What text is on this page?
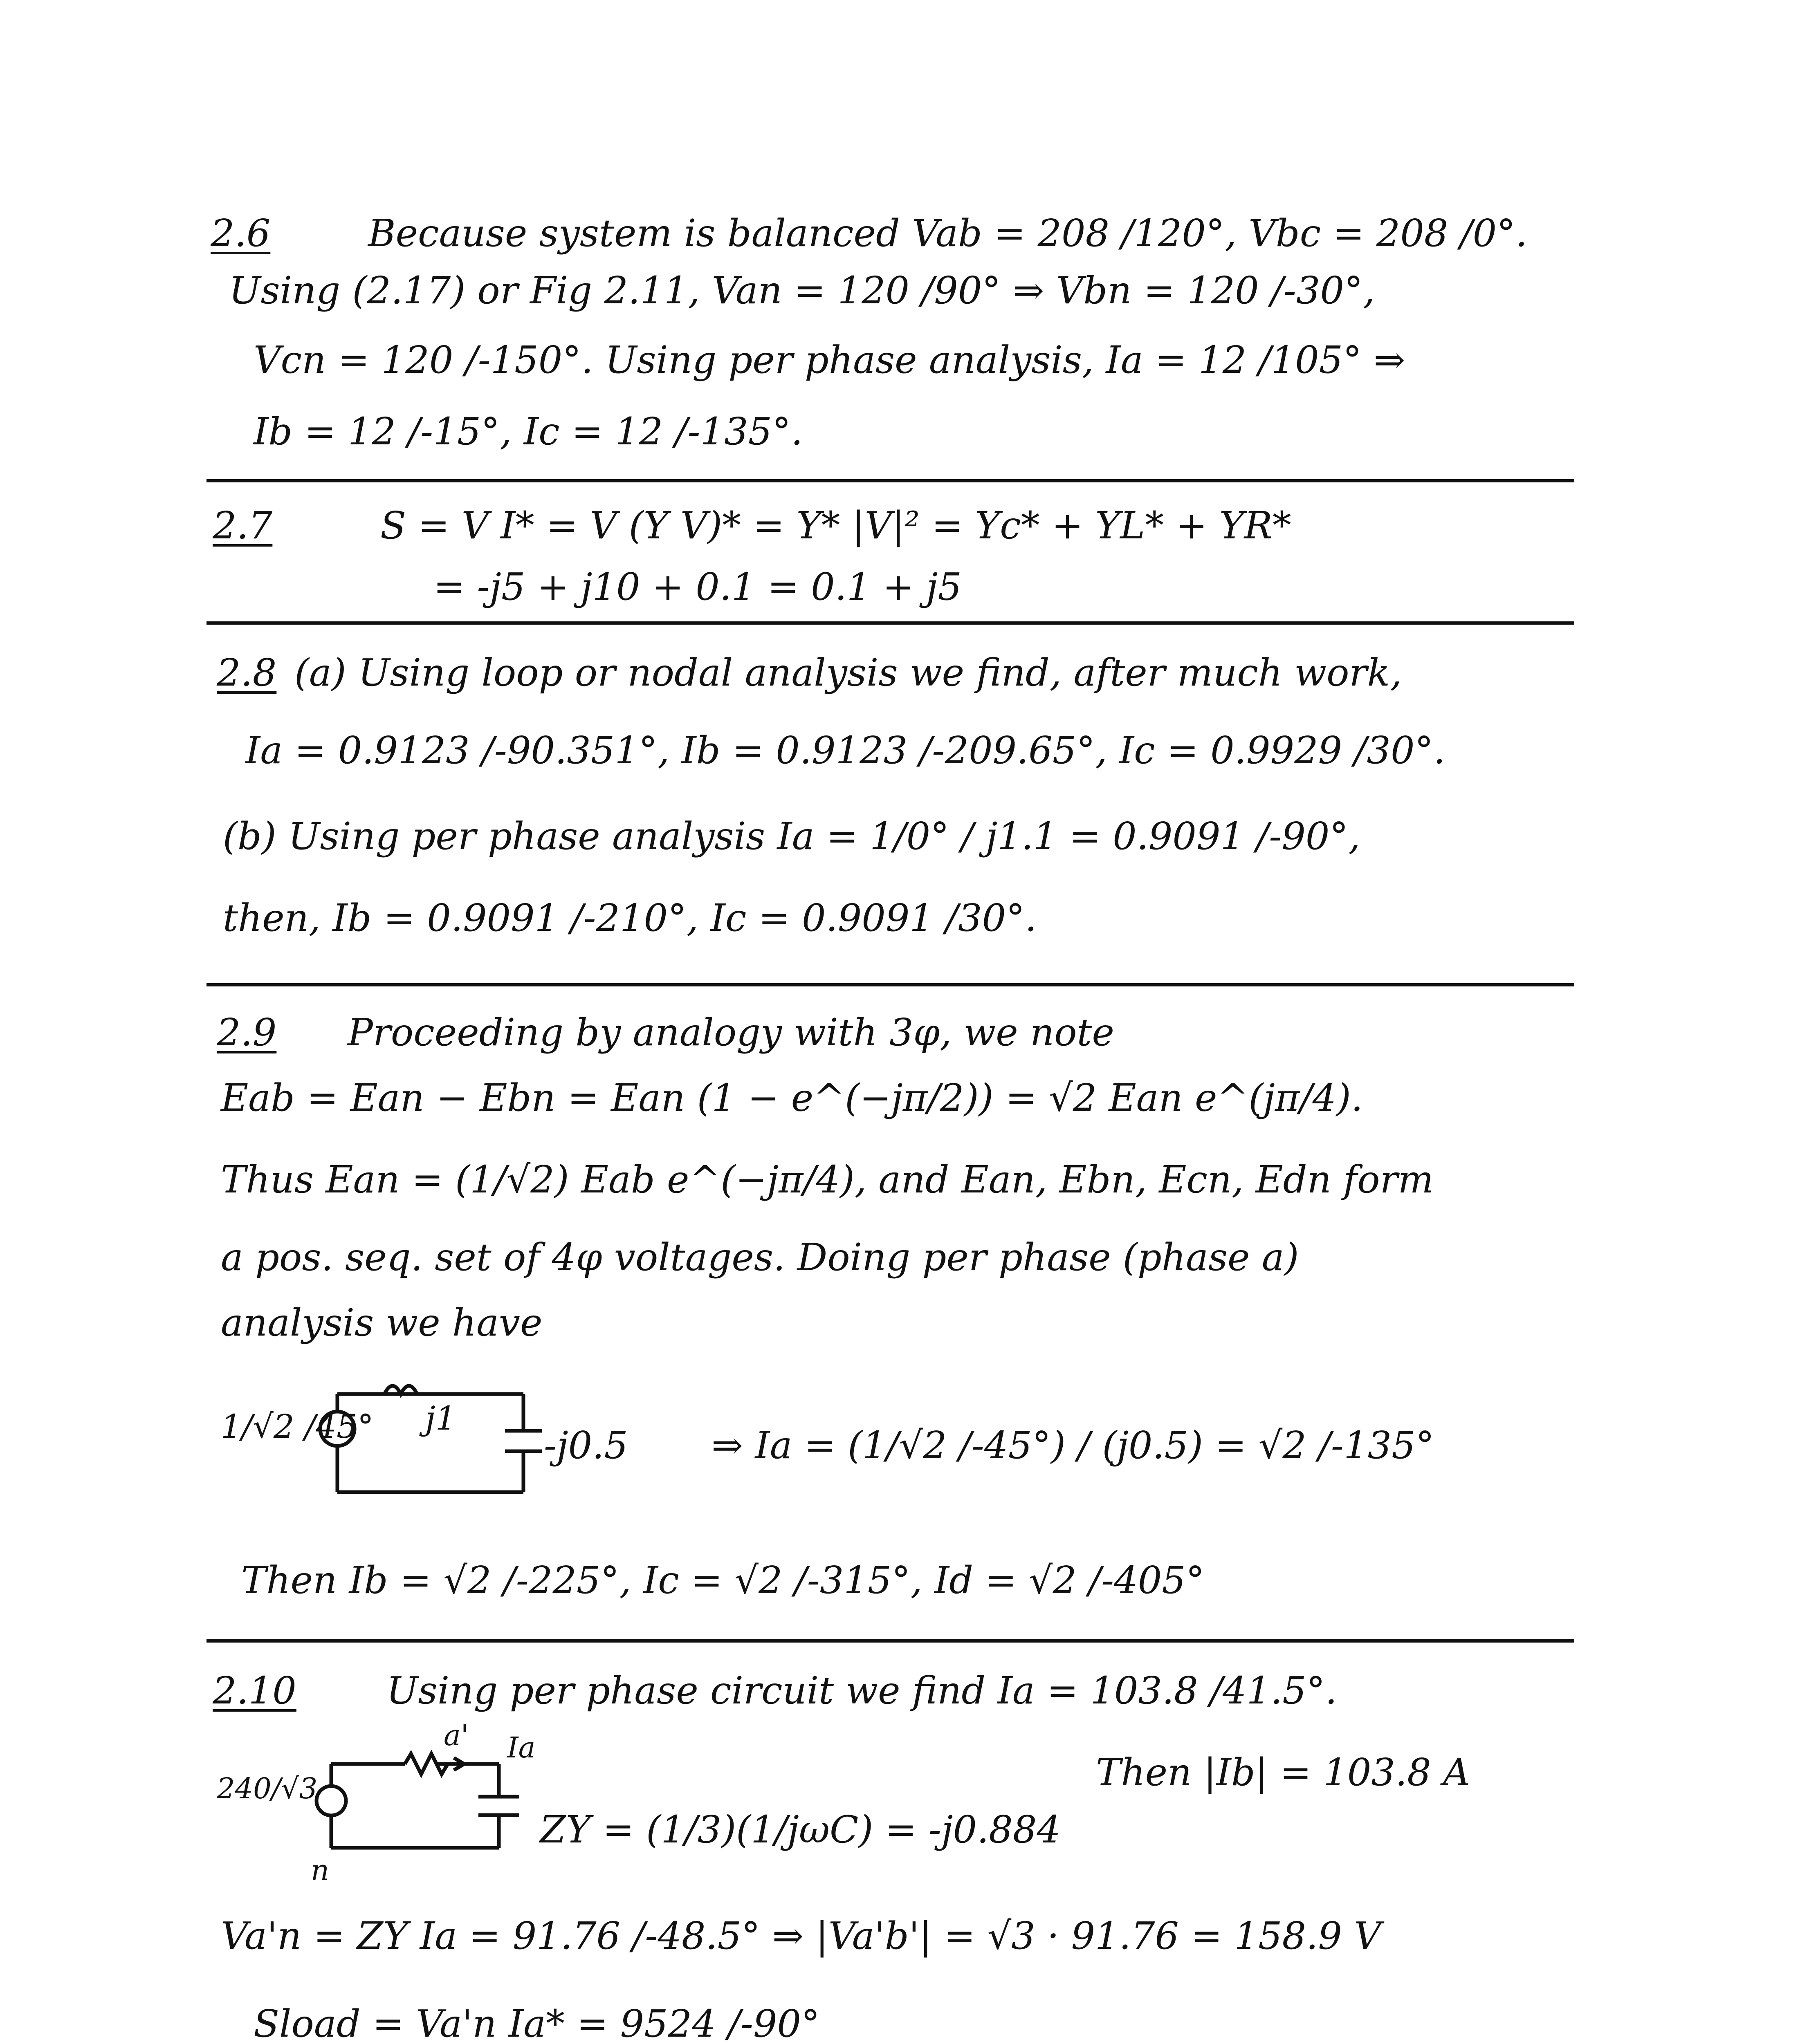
2.6	Because system is balanced Vab = 208 /120°, Vbc = 208 /0°.
Using (2.17) or Fig 2.11, Van = 120 /90° ⇒ Vbn = 120 /-30°,
Vcn = 120 /-150°. Using per phase analysis, Ia = 12 /105° ⇒
Ib = 12 /-15°, Ic = 12 /-135°.
2.7	S = V I* = V (Y V)* = Y* |V|² = Yc* + YL* + YR*
= -j5 + j10 + 0.1 = 0.1 + j5
2.8 (a) Using loop or nodal analysis we find, after much work,
Ia = 0.9123 /-90.351°, Ib = 0.9123 /-209.65°, Ic = 0.9929 /30°.
(b) Using per phase analysis Ia = 1/0° / j1.1 = 0.9091 /-90°,
then, Ib = 0.9091 /-210°, Ic = 0.9091 /30°.
2.9 Proceeding by analogy with 3φ, we note
Eab = Ean − Ebn = Ean (1 − e^(−jπ/2)) = √2 Ean e^(jπ/4).
Thus Ean = (1/√2) Eab e^(−jπ/4), and Ean, Ebn, Ecn, Edn form
a pos. seq. set of 4φ voltages. Doing per phase (phase a)
analysis we have
1/√2 /45° j1
-j0.5 ⇒ Ia = (1/√2 /-45°) / (j0.5) = √2 /-135°
Then Ib = √2 /-225°, Ic = √2 /-315°, Id = √2 /-405°
2.10 Using per phase circuit we find Ia = 103.8 /41.5°.
Then |Ib| = 103.8 A
240/√3
a' Ia
n
ZY = (1/3)(1/jωC) = -j0.884
Va'n = ZY Ia = 91.76 /-48.5° ⇒ |Va'b'| = √3 · 91.76 = 158.9 V
Sload = Va'n Ia* = 9524 /-90°
